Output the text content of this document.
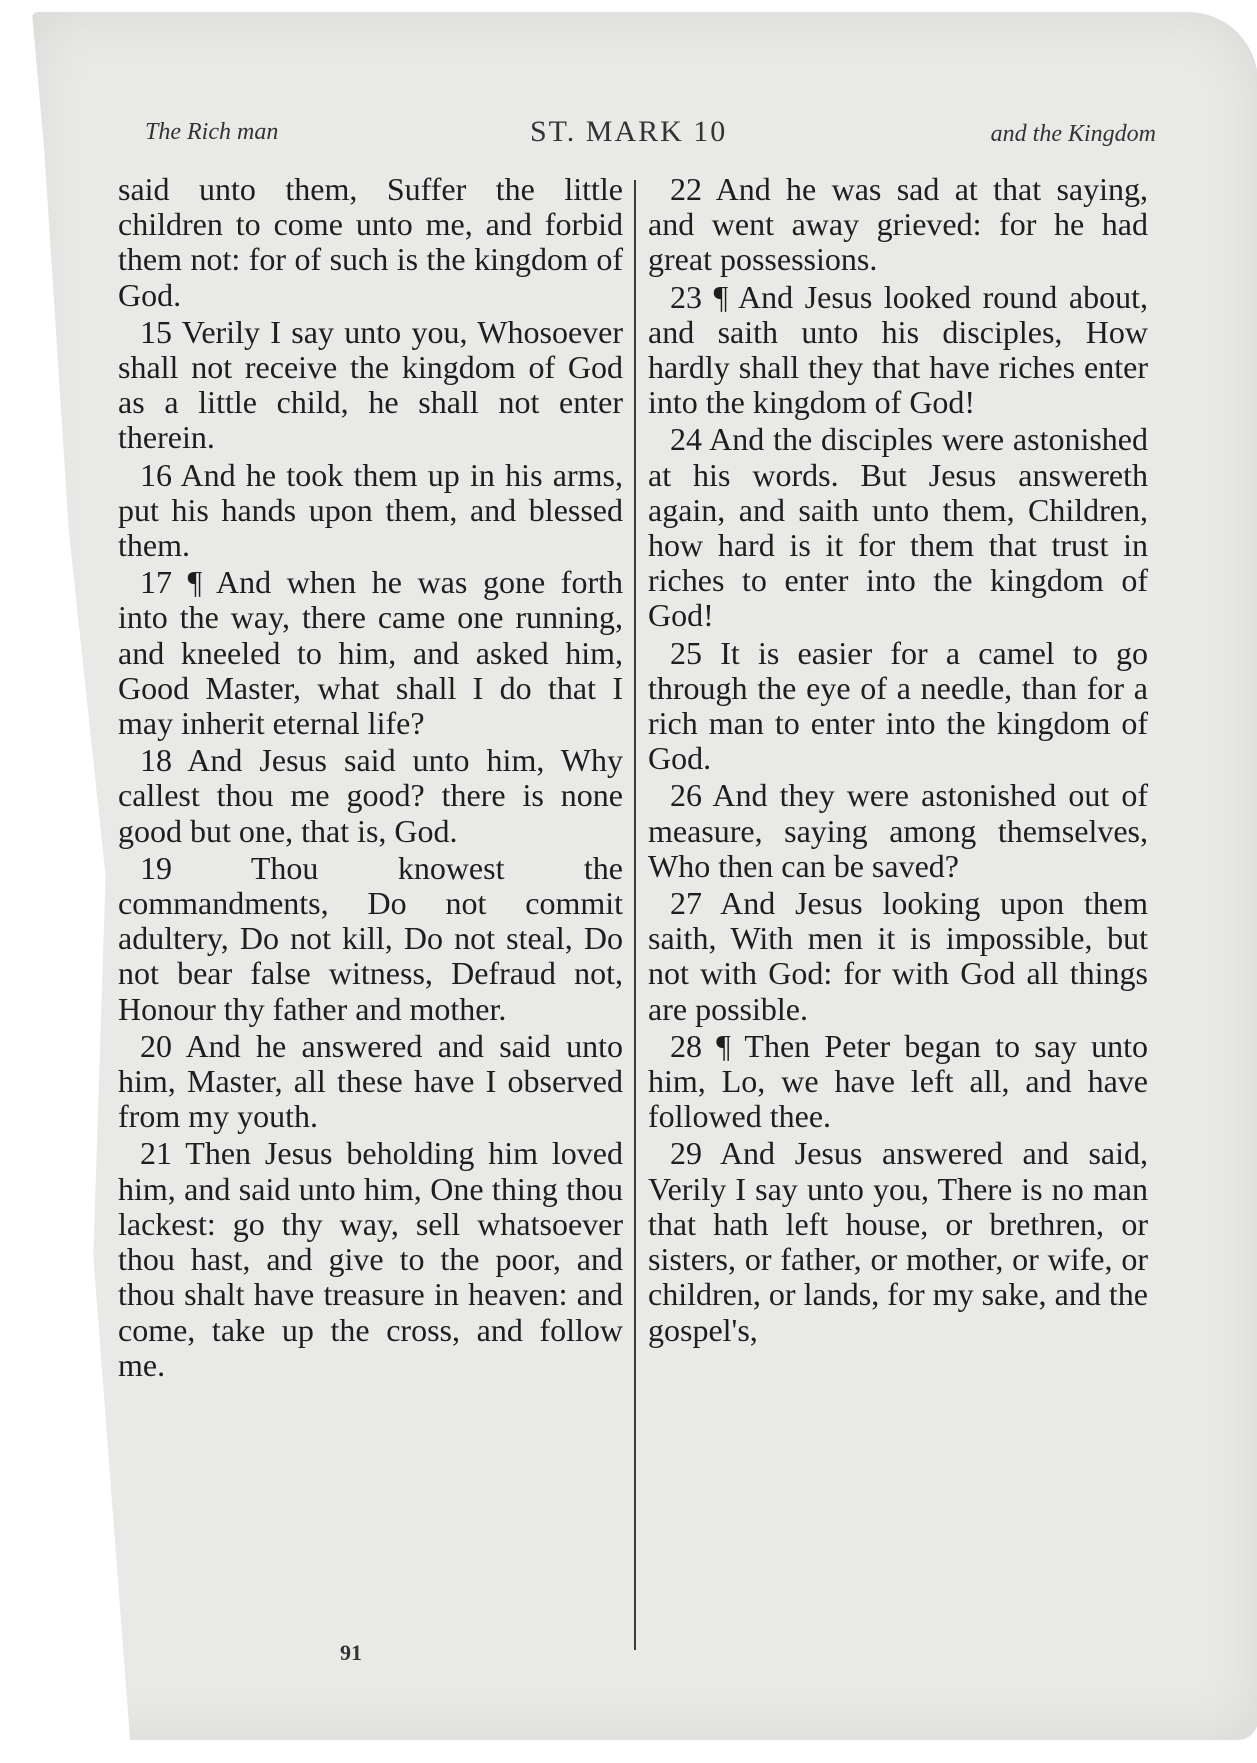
The Rich man	ST. MARK 10	and the Kingdom

said unto them, Suffer the little children to come unto me, and forbid them not: for of such is the kingdom of God.

15 Verily I say unto you, Whosoever shall not receive the kingdom of God as a little child, he shall not enter therein.

16 And he took them up in his arms, put his hands upon them, and blessed them.

17 ¶ And when he was gone forth into the way, there came one running, and kneeled to him, and asked him, Good Master, what shall I do that I may inherit eternal life?

18 And Jesus said unto him, Why callest thou me good? there is none good but one, that is, God.

19 Thou knowest the commandments, Do not commit adultery, Do not kill, Do not steal, Do not bear false witness, Defraud not, Honour thy father and mother.

20 And he answered and said unto him, Master, all these have I observed from my youth.

21 Then Jesus beholding him loved him, and said unto him, One thing thou lackest: go thy way, sell whatsoever thou hast, and give to the poor, and thou shalt have treasure in heaven: and come, take up the cross, and follow me.

22 And he was sad at that saying, and went away grieved: for he had great possessions.

23 ¶ And Jesus looked round about, and saith unto his disciples, How hardly shall they that have riches enter into the kingdom of God!

24 And the disciples were astonished at his words. But Jesus answereth again, and saith unto them, Children, how hard is it for them that trust in riches to enter into the kingdom of God!

25 It is easier for a camel to go through the eye of a needle, than for a rich man to enter into the kingdom of God.

26 And they were astonished out of measure, saying among themselves, Who then can be saved?

27 And Jesus looking upon them saith, With men it is impossible, but not with God: for with God all things are possible.

28 ¶ Then Peter began to say unto him, Lo, we have left all, and have followed thee.

29 And Jesus answered and said, Verily I say unto you, There is no man that hath left house, or brethren, or sisters, or father, or mother, or wife, or children, or lands, for my sake, and the gospel's,

91
